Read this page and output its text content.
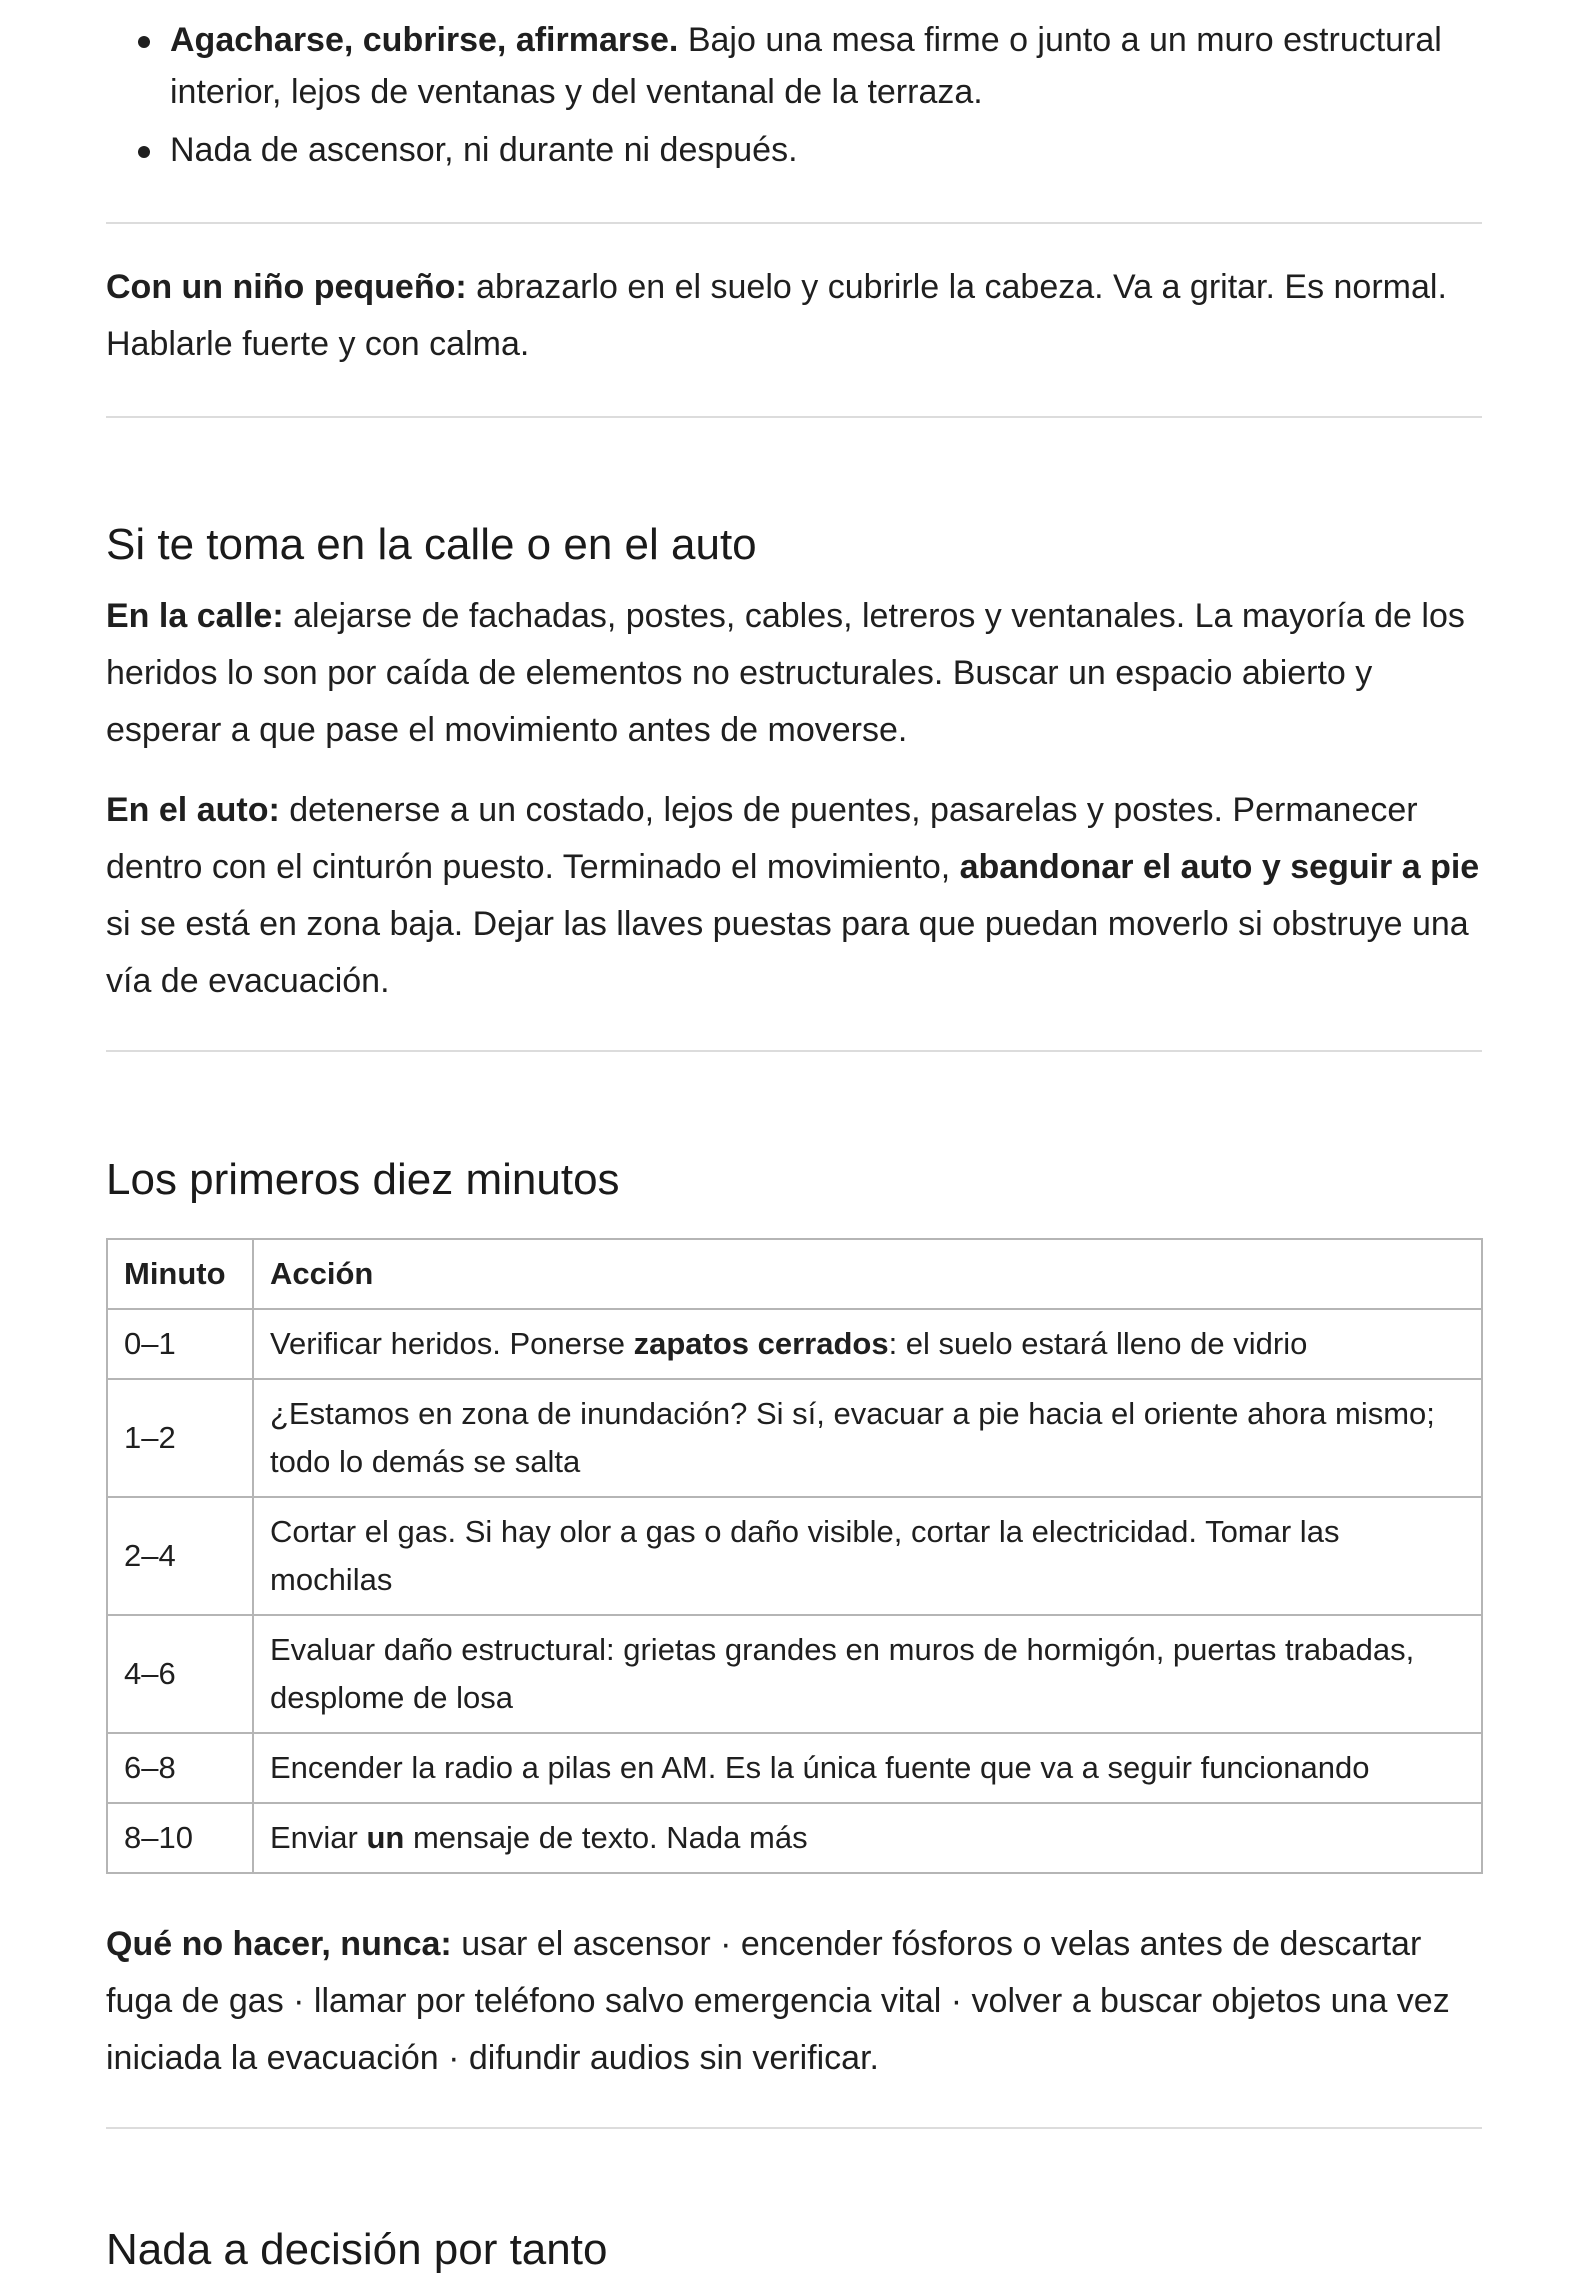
Agacharse, cubrirse, afirmarse. Bajo una mesa firme o junto a un muro estructural interior, lejos de ventanas y del ventanal de la terraza.
Nada de ascensor, ni durante ni después.

Con un niño pequeño: abrazarlo en el suelo y cubrirle la cabeza. Va a gritar. Es normal. Hablarle fuerte y con calma.

Si te toma en la calle o en el auto

En la calle: alejarse de fachadas, postes, cables, letreros y ventanales. La mayoría de los heridos lo son por caída de elementos no estructurales. Buscar un espacio abierto y esperar a que pase el movimiento antes de moverse.

En el auto: detenerse a un costado, lejos de puentes, pasarelas y postes. Permanecer dentro con el cinturón puesto. Terminado el movimiento, abandonar el auto y seguir a pie si se está en zona baja. Dejar las llaves puestas para que puedan moverlo si obstruye una vía de evacuación.

Los primeros diez minutos
Minuto	Acción
0–1	Verificar heridos. Ponerse zapatos cerrados: el suelo estará lleno de vidrio
1–2	¿Estamos en zona de inundación? Si sí, evacuar a pie hacia el oriente ahora mismo; todo lo demás se salta
2–4	Cortar el gas. Si hay olor a gas o daño visible, cortar la electricidad. Tomar las mochilas
4–6	Evaluar daño estructural: grietas grandes en muros de hormigón, puertas trabadas, desplome de losa
6–8	Encender la radio a pilas en AM. Es la única fuente que va a seguir funcionando
8–10	Enviar un mensaje de texto. Nada más

Qué no hacer, nunca: usar el ascensor · encender fósforos o velas antes de descartar fuga de gas · llamar por teléfono salvo emergencia vital · volver a buscar objetos una vez iniciada la evacuación · difundir audios sin verificar.

Nada a decisión por tanto
